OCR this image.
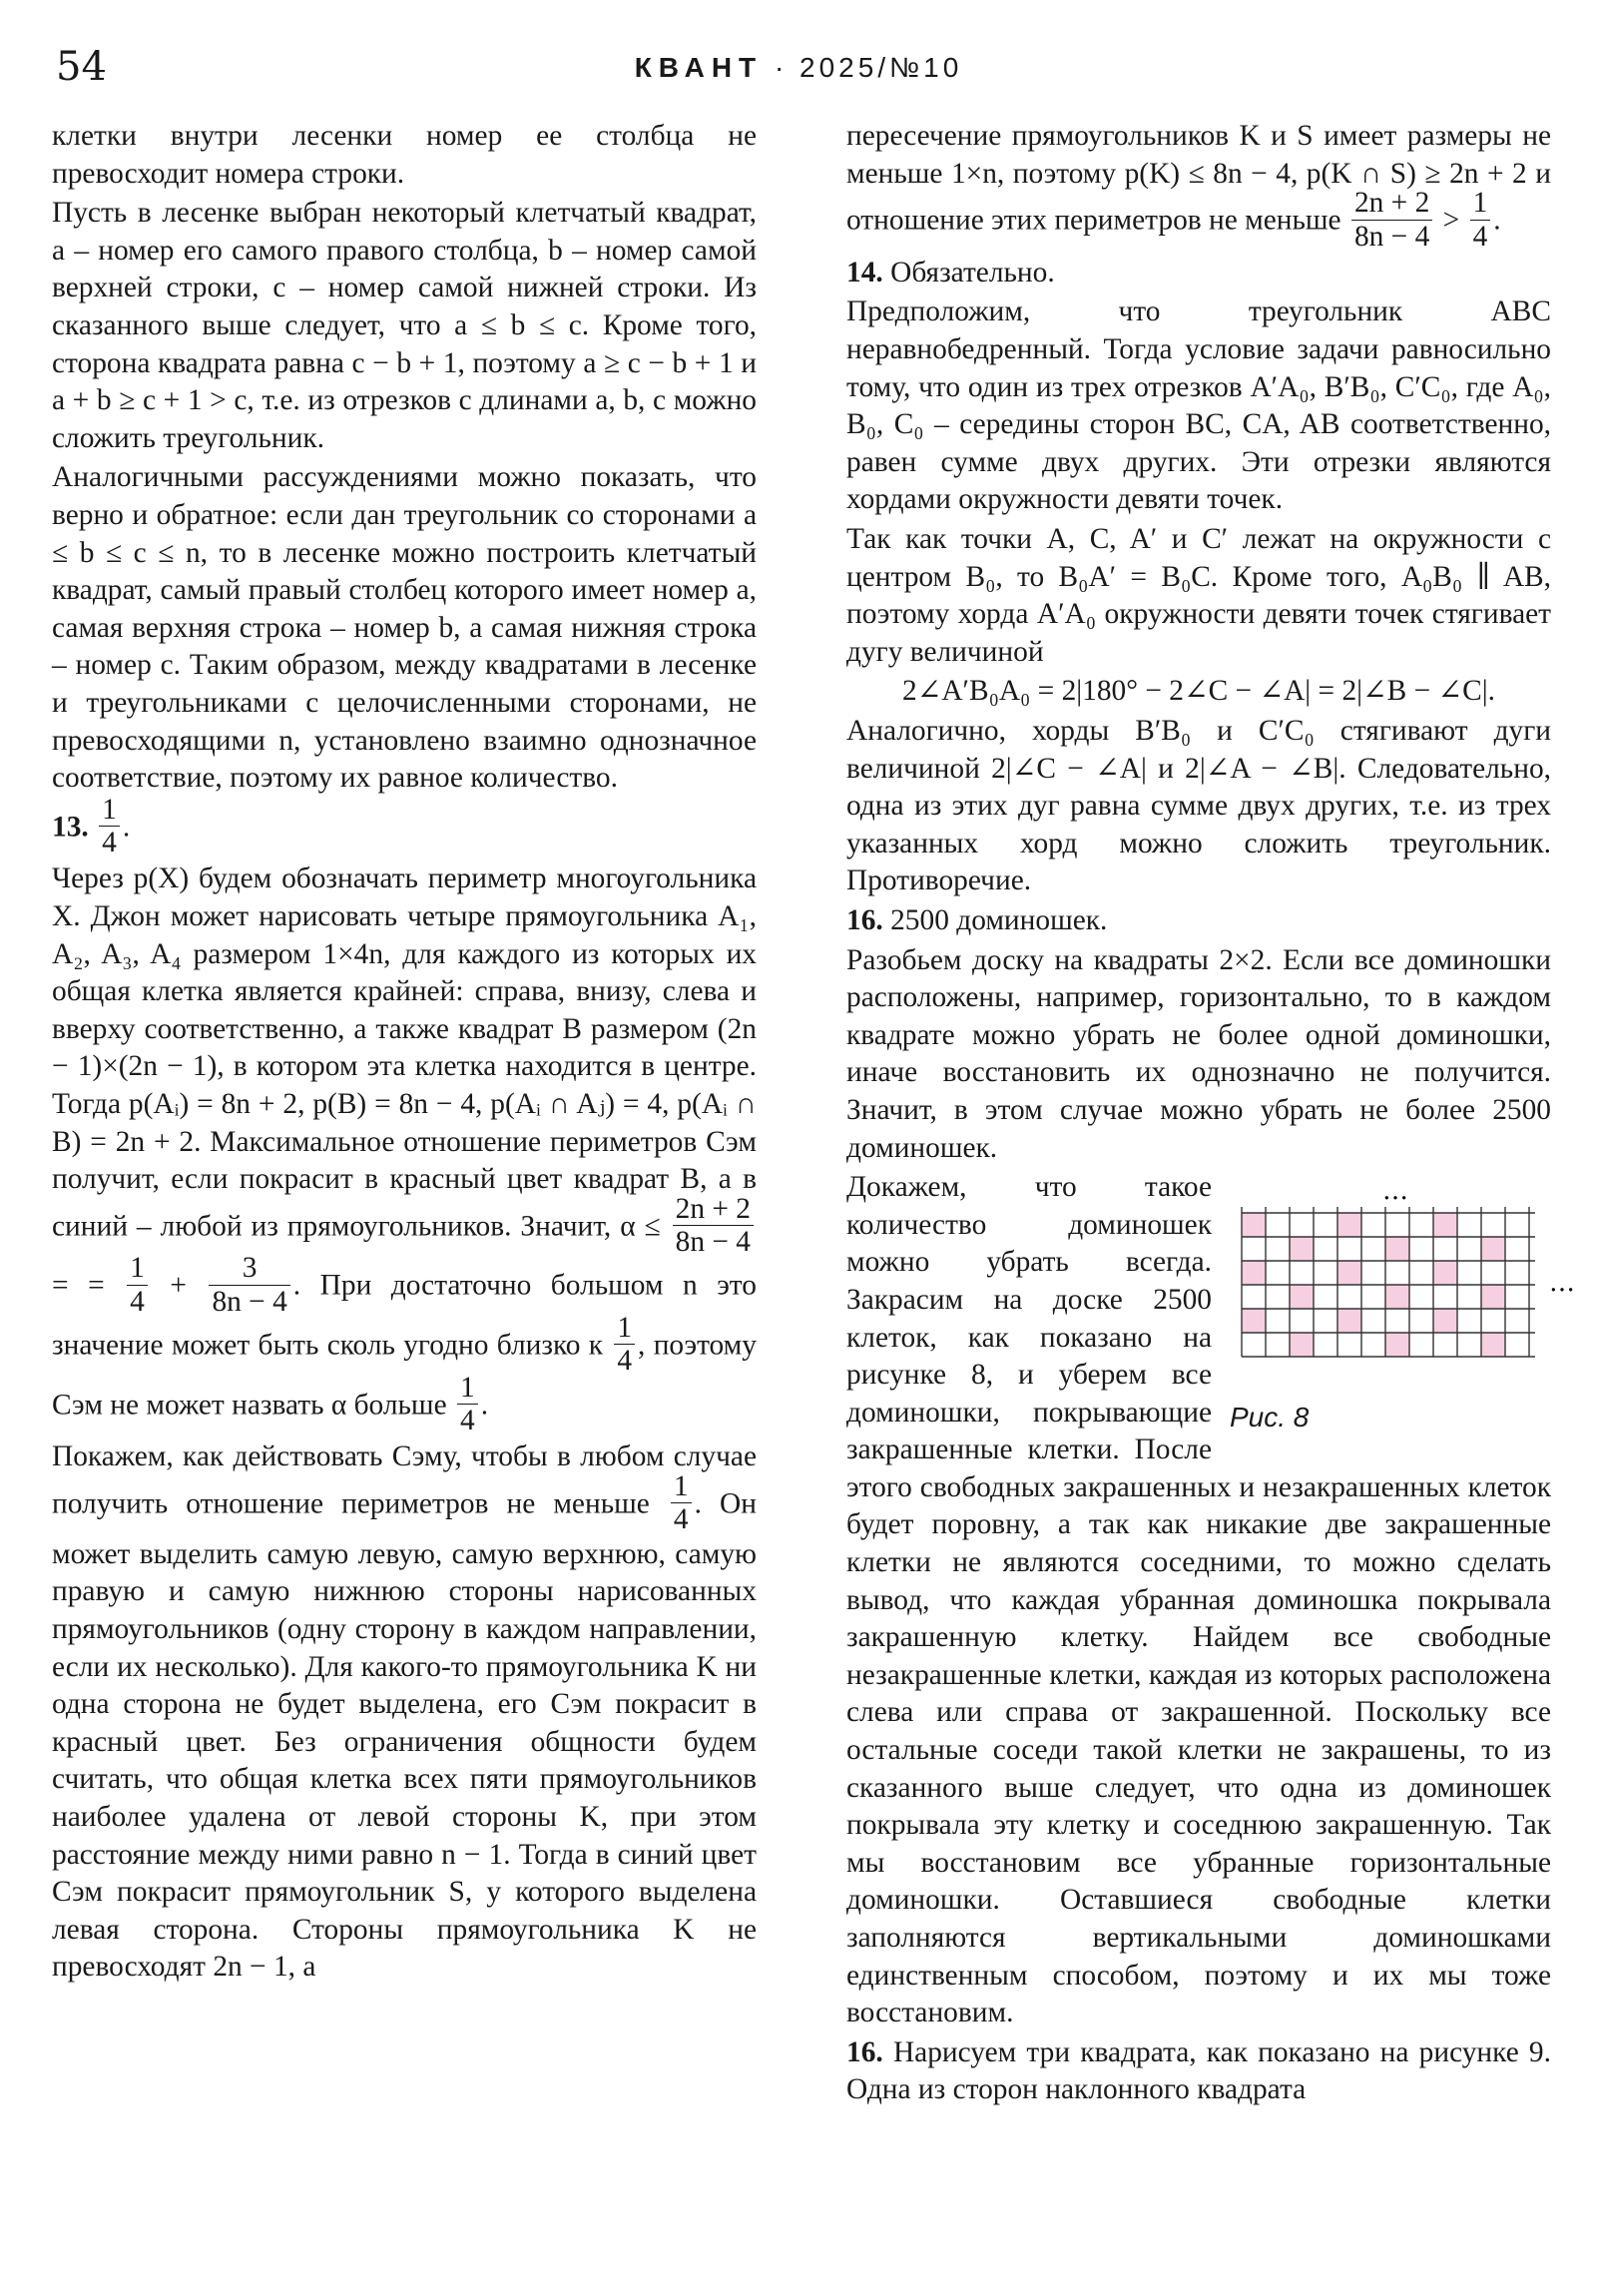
54	КВАНТ · 2025/№10

клетки внутри лесенки номер ее столбца не превосходит номера строки.

Пусть в лесенке выбран некоторый клетчатый квадрат, a – номер его самого правого столбца, b – номер самой верхней строки, c – номер самой нижней строки. Из сказанного выше следует, что a ≤ b ≤ c. Кроме того, сторона квадрата равна c − b + 1, поэтому a ≥ c − b + 1 и a + b ≥ c + 1 > c, т.е. из отрезков с длинами a, b, c можно сложить треугольник.

Аналогичными рассуждениями можно показать, что верно и обратное: если дан треугольник со сторонами a ≤ b ≤ c ≤ n, то в лесенке можно построить клетчатый квадрат, самый правый столбец которого имеет номер a, самая верхняя строка – номер b, а самая нижняя строка – номер c. Таким образом, между квадратами в лесенке и треугольниками с целочисленными сторонами, не превосходящими n, установлено взаимно однозначное соответствие, поэтому их равное количество.

13. $\frac{1}{4}$ .

Через p(X) будем обозначать периметр многоугольника X. Джон может нарисовать четыре прямоугольника A₁, A₂, A₃, A₄ размером 1×4n, для каждого из которых их общая клетка является крайней: справа, внизу, слева и вверху соответственно, а также квадрат B размером (2n − 1)×(2n − 1), в котором эта клетка находится в центре. Тогда p(Aᵢ) = 8n + 2, p(B) = 8n − 4, p(Aᵢ ∩ Aⱼ) = 4, p(Aᵢ ∩ B) = 2n + 2. Максимальное отношение периметров Сэм получит, если покрасит в красный цвет квадрат B, а в синий – любой из прямоугольников. Значит, $\alpha \le \frac{2n + 2}{8n - 4}$
= = $\frac{1}{4} + \frac{3}{8n - 4}$ . При достаточно большом n это значение может быть сколь угодно близко к $\frac{1}{4}$ , поэтому Сэм не может назвать α больше $\frac{1}{4}$ .

Покажем, как действовать Сэму, чтобы в любом случае получить отношение периметров не меньше $\frac{1}{4}$ . Он может выделить самую левую, самую верхнюю, самую правую и самую нижнюю стороны нарисованных прямоугольников (одну сторону в каждом направлении, если их несколько). Для какого-то прямоугольника K ни одна сторона не будет выделена, его Сэм покрасит в красный цвет. Без ограничения общности будем считать, что общая клетка всех пяти прямоугольников наиболее удалена от левой стороны K, при этом расстояние между ними равно n − 1. Тогда в синий цвет Сэм покрасит прямоугольник S, у которого выделена левая сторона. Стороны прямоугольника K не превосходят 2n − 1, а

пересечение прямоугольников K и S имеет размеры не меньше 1×n, поэтому p(K) ≤ 8n − 4, p(K ∩ S) ≥ 2n + 2 и отношение этих периметров не меньше $\frac{2n + 2}{8n - 4} > \frac{1}{4}$ .

14. Обязательно.

Предположим, что треугольник ABC неравнобедренный. Тогда условие задачи равносильно тому, что один из трех отрезков A′A₀, B′B₀, C′C₀, где A₀, B₀, C₀ – середины сторон BC, CA, AB соответственно, равен сумме двух других. Эти отрезки являются хордами окружности девяти точек.

Так как точки A, C, A′ и C′ лежат на окружности с центром B₀, то B₀A′ = B₀C. Кроме того, A₀B₀ ∥ AB, поэтому хорда A′A₀ окружности девяти точек стягивает дугу величиной

2∠A′B₀A₀ = 2|180° − 2∠C − ∠A| = 2|∠B − ∠C|.

Аналогично, хорды B′B₀ и C′C₀ стягивают дуги величиной 2|∠C − ∠A| и 2|∠A − ∠B|. Следовательно, одна из этих дуг равна сумме двух других, т.е. из трех указанных хорд можно сложить треугольник. Противоречие.

16. 2500 доминошек.

Разобьем доску на квадраты 2×2. Если все доминошки расположены, например, горизонтально, то в каждом квадрате можно убрать не более одной доминошки, иначе восстановить их однозначно не получится. Значит, в этом случае можно убрать не более 2500 доминошек.

…
…
Рис. 8
Докажем, что такое количество доминошек можно убрать всегда. Закрасим на доске 2500 клеток, как показано на рисунке 8, и уберем все доминошки, покрывающие закрашенные клетки. После этого свободных закрашенных и незакрашенных клеток будет поровну, а так как никакие две закрашенные клетки не являются соседними, то можно сделать вывод, что каждая убранная доминошка покрывала закрашенную клетку. Найдем все свободные незакрашенные клетки, каждая из которых расположена слева или справа от закрашенной. Поскольку все остальные соседи такой клетки не закрашены, то из сказанного выше следует, что одна из доминошек покрывала эту клетку и соседнюю закрашенную. Так мы восстановим все убранные горизонтальные доминошки. Оставшиеся свободные клетки заполняются вертикальными доминошками единственным способом, поэтому и их мы тоже восстановим.

16. Нарисуем три квадрата, как показано на рисунке 9. Одна из сторон наклонного квадрата
